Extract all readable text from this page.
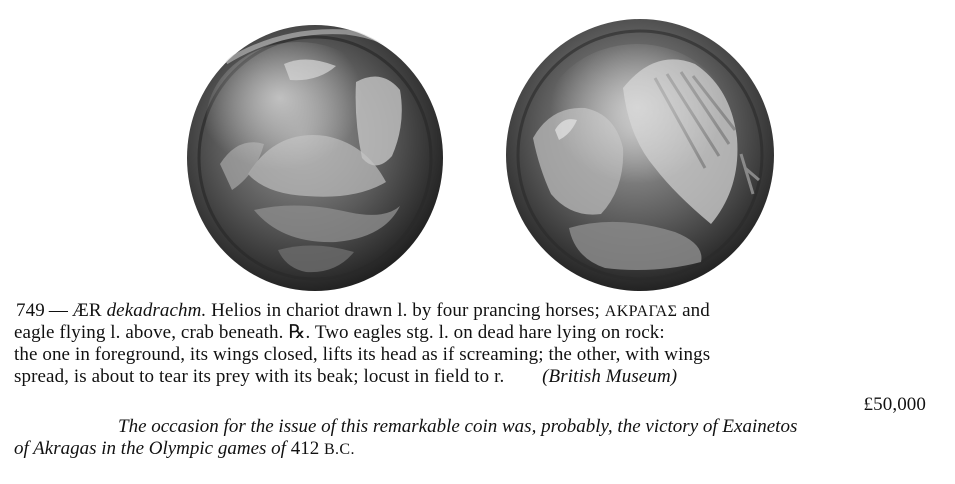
749 — ÆR dekadrachm. Helios in chariot drawn l. by four prancing horses; ΑΚΡΑΓΑΣ and
eagle flying l. above, crab beneath. ℞. Two eagles stg. l. on dead hare lying on rock:
the one in foreground, its wings closed, lifts its head as if screaming; the other, with wings
spread, is about to tear its prey with its beak; locust in field to r. (British Museum)
£50,000
The occasion for the issue of this remarkable coin was, probably, the victory of Exainetos
of Akragas in the Olympic games of 412 B.C.
